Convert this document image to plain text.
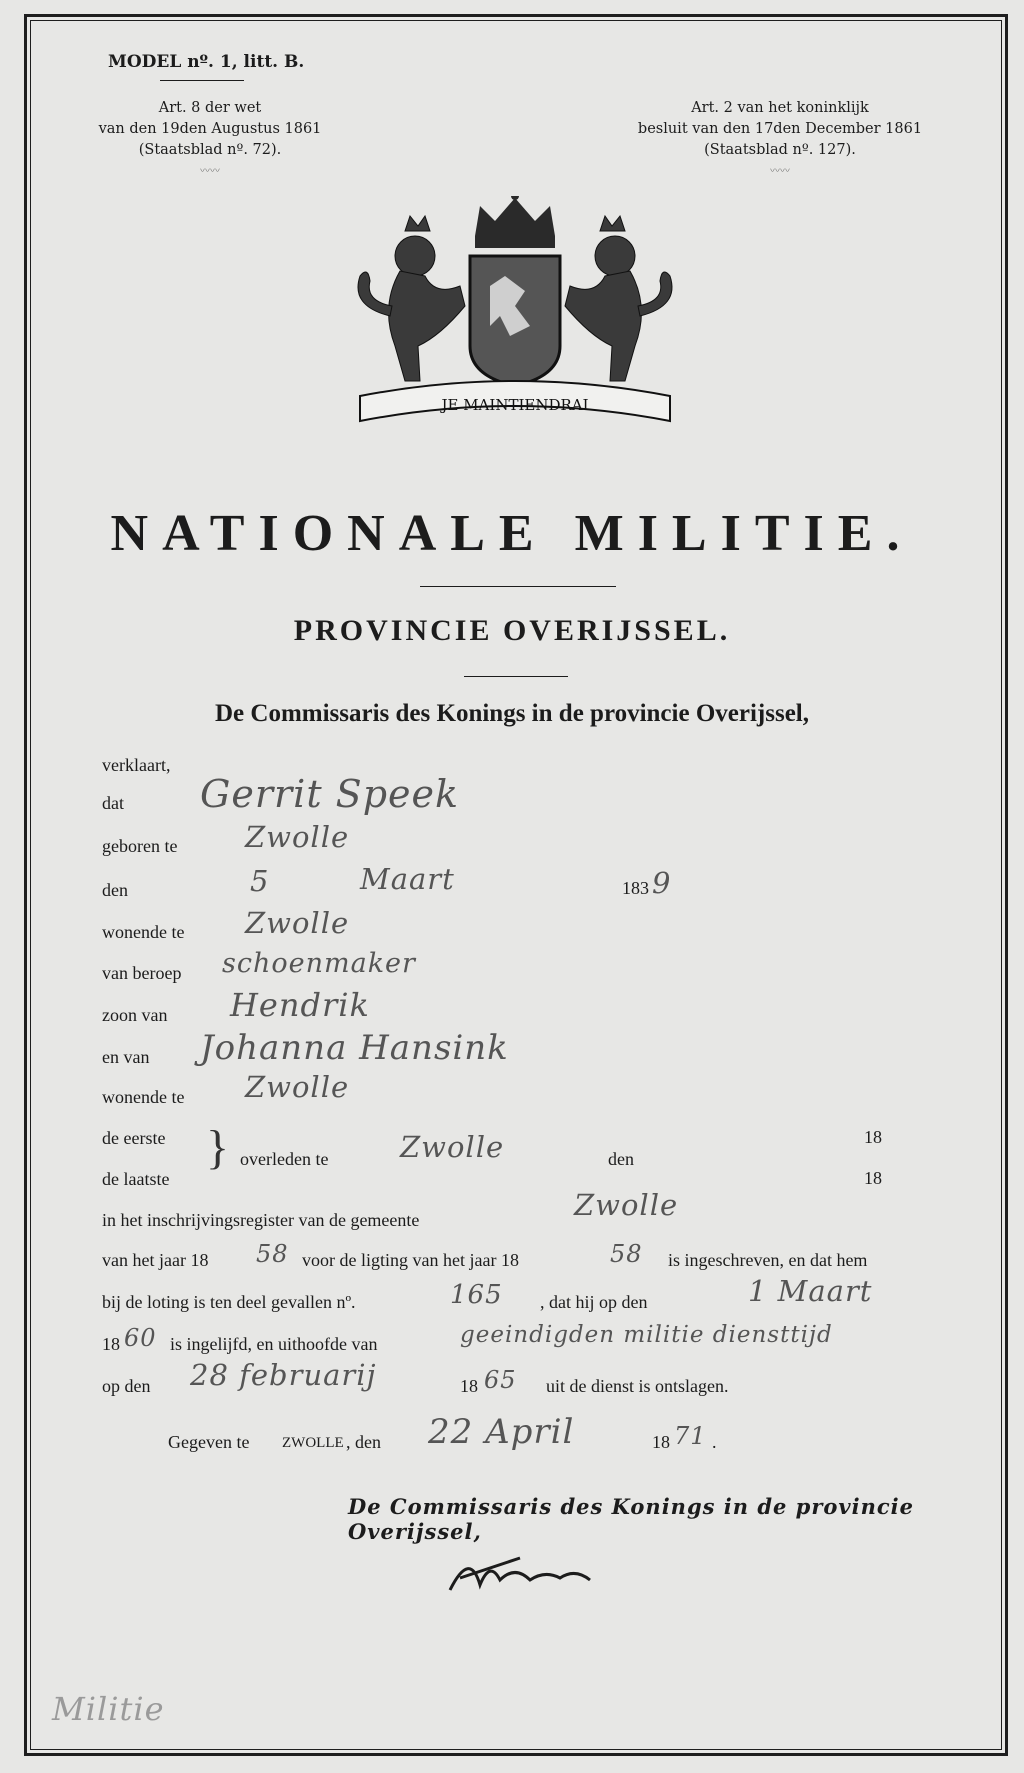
MODEL nº. 1, litt. B.
Art. 8 der wet
van den 19den Augustus 1861
(Staatsblad nº. 72).
〰〰
Art. 2 van het koninklijk
besluit van den 17den December 1861
(Staatsblad nº. 127).
〰〰
JE MAINTIENDRAI
NATIONALE MILITIE.
PROVINCIE OVERIJSSEL.
De Commissaris des Konings in de provincie Overijssel,
verklaart,
dat Gerrit Speek
geboren te Zwolle
den	5	Maart	183 9
wonende te Zwolle
van beroep schoenmaker
zoon van Hendrik
en van Johanna Hansink
wonende te Zwolle
de eerste
de laatste
} overleden te Zwolle	den
18
18
in het inschrijvingsregister van de gemeente	Zwolle
van het jaar 18 58 voor de ligting van het jaar 18	58 is ingeschreven, en dat hem
bij de loting is ten deel gevallen nº.	165 , dat hij op den	1 Maart
18 60 is ingelijfd, en uithoofde van	geeindigden militie diensttijd
op den 28 februarij	18 65 uit de dienst is ontslagen.
Gegeven te ZWOLLE , den 22 April	18 71 .
De Commissaris des Konings in de provincie Overijssel,
Militie
